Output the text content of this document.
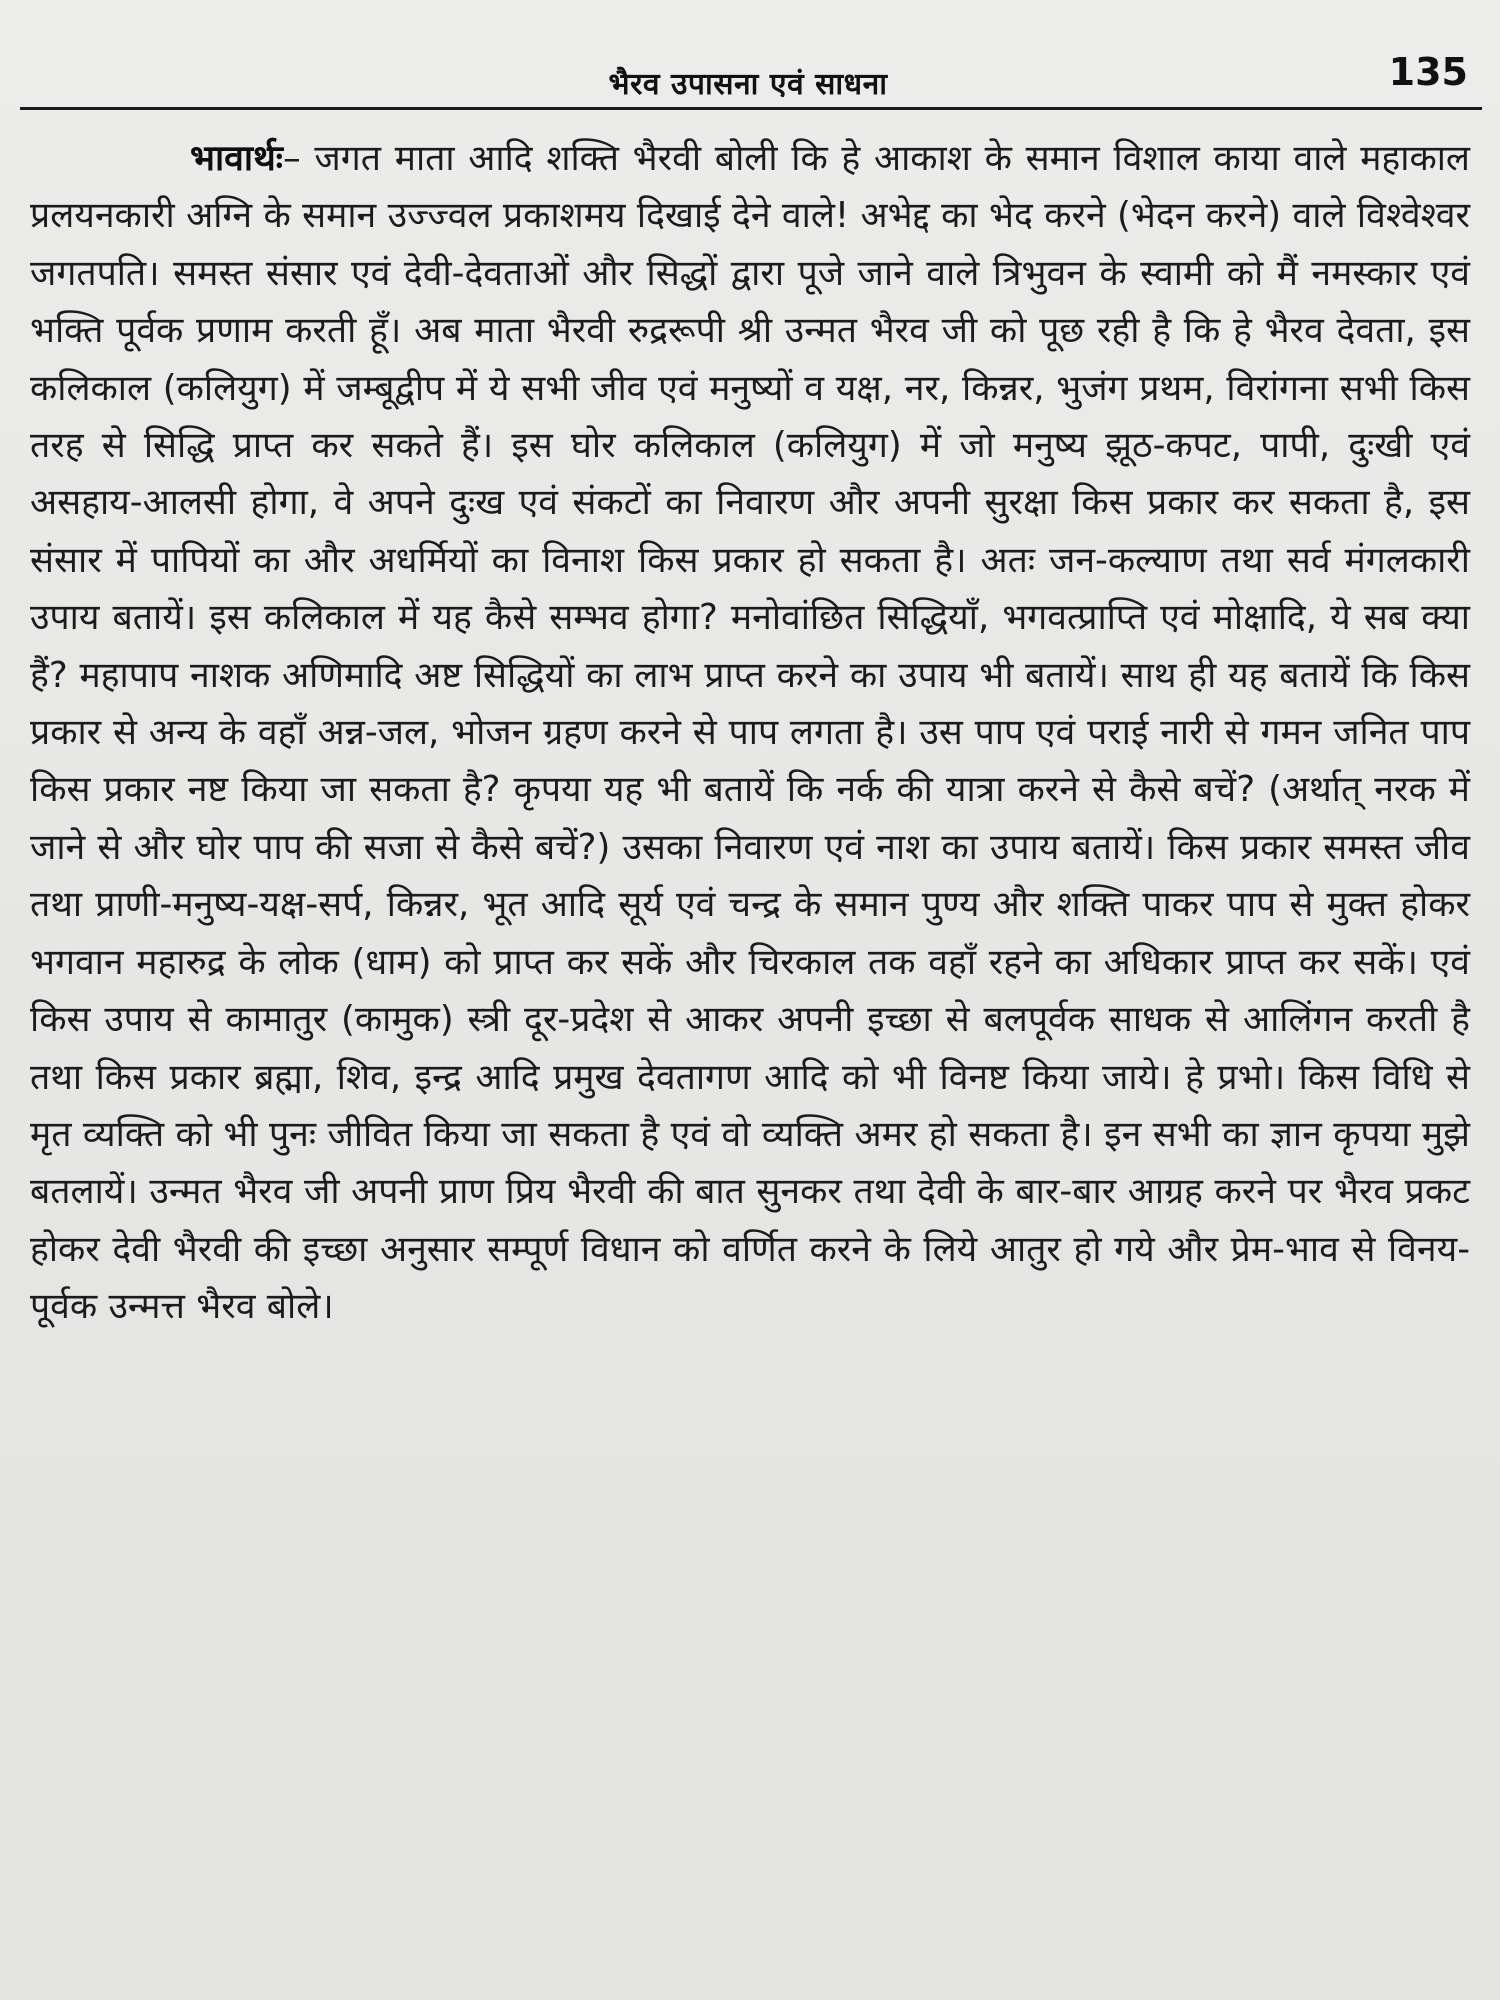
भैरव उपासना एवं साधना	135

भावार्थः– जगत माता आदि शक्ति भैरवी बोली कि हे आकाश के समान विशाल काया वाले महाकाल प्रलयनकारी अग्नि के समान उज्ज्वल प्रकाशमय दिखाई देने वाले! अभेद्द का भेद करने (भेदन करने) वाले विश्वेश्वर जगतपति। समस्त संसार एवं देवी-देवताओं और सिद्धों द्वारा पूजे जाने वाले त्रिभुवन के स्वामी को मैं नमस्कार एवं भक्ति पूर्वक प्रणाम करती हूँ। अब माता भैरवी रुद्ररूपी श्री उन्मत भैरव जी को पूछ रही है कि हे भैरव देवता, इस कलिकाल (कलियुग) में जम्बूद्वीप में ये सभी जीव एवं मनुष्यों व यक्ष, नर, किन्नर, भुजंग प्रथम, विरांगना सभी किस तरह से सिद्धि प्राप्त कर सकते हैं। इस घोर कलिकाल (कलियुग) में जो मनुष्य झूठ-कपट, पापी, दुःखी एवं असहाय-आलसी होगा, वे अपने दुःख एवं संकटों का निवारण और अपनी सुरक्षा किस प्रकार कर सकता है, इस संसार में पापियों का और अधर्मियों का विनाश किस प्रकार हो सकता है। अतः जन-कल्याण तथा सर्व मंगलकारी उपाय बतायें। इस कलिकाल में यह कैसे सम्भव होगा? मनोवांछित सिद्धियाँ, भगवत्प्राप्ति एवं मोक्षादि, ये सब क्या हैं? महापाप नाशक अणिमादि अष्ट सिद्धियों का लाभ प्राप्त करने का उपाय भी बतायें। साथ ही यह बतायें कि किस प्रकार से अन्य के वहाँ अन्न-जल, भोजन ग्रहण करने से पाप लगता है। उस पाप एवं पराई नारी से गमन जनित पाप किस प्रकार नष्ट किया जा सकता है? कृपया यह भी बतायें कि नर्क की यात्रा करने से कैसे बचें? (अर्थात् नरक में जाने से और घोर पाप की सजा से कैसे बचें?) उसका निवारण एवं नाश का उपाय बतायें। किस प्रकार समस्त जीव तथा प्राणी-मनुष्य-यक्ष-सर्प, किन्नर, भूत आदि सूर्य एवं चन्द्र के समान पुण्य और शक्ति पाकर पाप से मुक्त होकर भगवान महारुद्र के लोक (धाम) को प्राप्त कर सकें और चिरकाल तक वहाँ रहने का अधिकार प्राप्त कर सकें। एवं किस उपाय से कामातुर (कामुक) स्त्री दूर-प्रदेश से आकर अपनी इच्छा से बलपूर्वक साधक से आलिंगन करती है तथा किस प्रकार ब्रह्मा, शिव, इन्द्र आदि प्रमुख देवतागण आदि को भी विनष्ट किया जाये। हे प्रभो। किस विधि से मृत व्यक्ति को भी पुनः जीवित किया जा सकता है एवं वो व्यक्ति अमर हो सकता है। इन सभी का ज्ञान कृपया मुझे बतलायें। उन्मत भैरव जी अपनी प्राण प्रिय भैरवी की बात सुनकर तथा देवी के बार-बार आग्रह करने पर भैरव प्रकट होकर देवी भैरवी की इच्छा अनुसार सम्पूर्ण विधान को वर्णित करने के लिये आतुर हो गये और प्रेम-भाव से विनय-पूर्वक उन्मत्त भैरव बोले।
